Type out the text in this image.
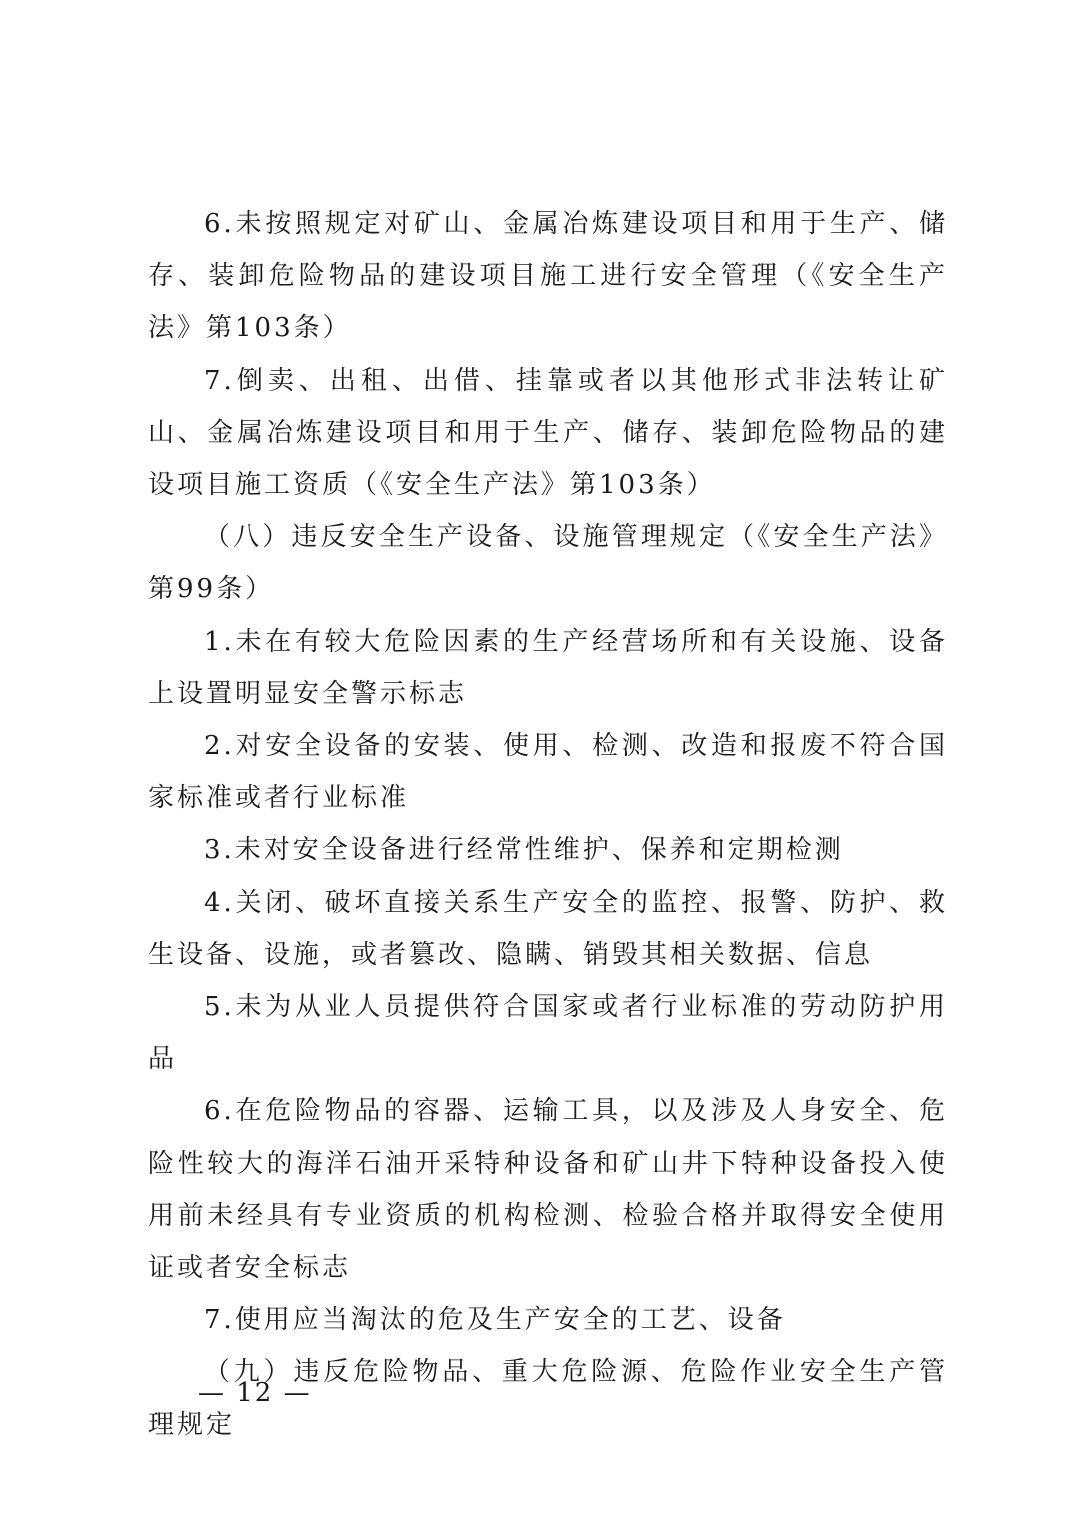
6.未按照规定对矿山、金属冶炼建设项目和用于生产、储存、装卸危险物品的建设项目施工进行安全管理（《安全生产法》第103条）

7.倒卖、出租、出借、挂靠或者以其他形式非法转让矿山、金属冶炼建设项目和用于生产、储存、装卸危险物品的建设项目施工资质（《安全生产法》第103条）

（八）违反安全生产设备、设施管理规定（《安全生产法》第99条）

1.未在有较大危险因素的生产经营场所和有关设施、设备上设置明显安全警示标志

2.对安全设备的安装、使用、检测、改造和报废不符合国家标准或者行业标准

3.未对安全设备进行经常性维护、保养和定期检测

4.关闭、破坏直接关系生产安全的监控、报警、防护、救生设备、设施，或者篡改、隐瞒、销毁其相关数据、信息

5.未为从业人员提供符合国家或者行业标准的劳动防护用品

6.在危险物品的容器、运输工具，以及涉及人身安全、危险性较大的海洋石油开采特种设备和矿山井下特种设备投入使用前未经具有专业资质的机构检测、检验合格并取得安全使用证或者安全标志

7.使用应当淘汰的危及生产安全的工艺、设备

（九）违反危险物品、重大危险源、危险作业安全生产管理规定

— 12 —
